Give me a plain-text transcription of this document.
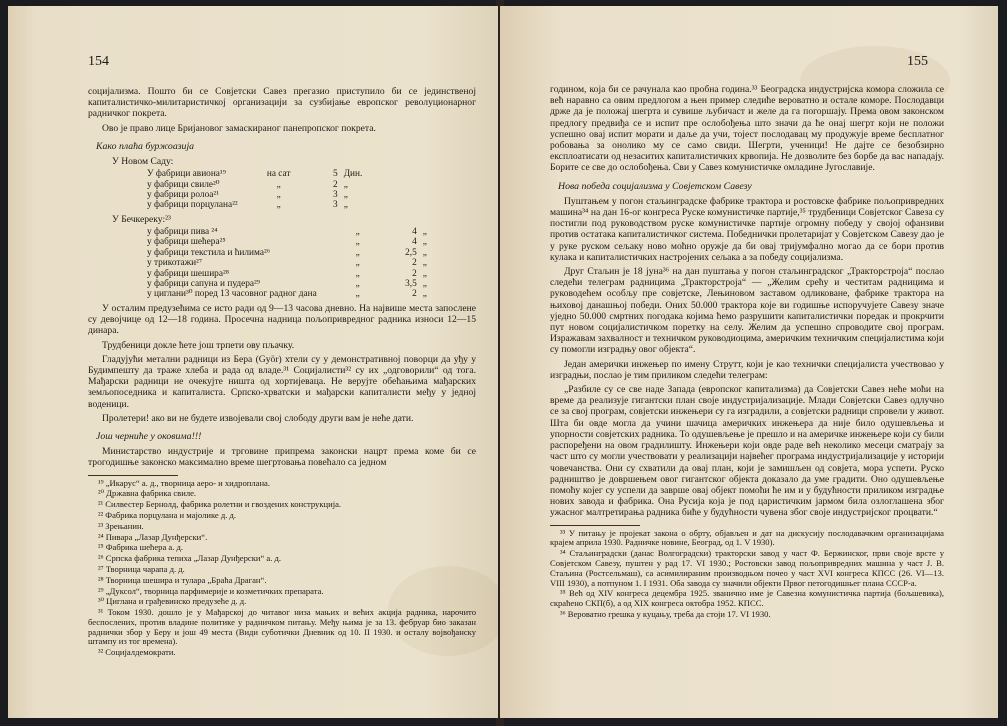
154

социјализма. Пошто би се Совјетски Савез прегазио приступило би се јединственој капиталистичко-милитаристичкој организацији за сузбијање европског револуционарног радничког покрета.

Ово је право лице Бријановог замаскираног панепропског покрета.

Како плаћа буржоазија
У Новом Саду:
У фабрици авиона¹⁹	на сат	5	Дин.
у фабрици свиле²⁰	„	2	„
у фабрици ролоа²¹	„	3	„
у фабрици порцулана²²	„	3	„
У Бечкереку:²³
у фабрици пива ²⁴	„	4	„
у фабрици шећера²⁵	„	4	„
у фабрици текстила и ћилима²⁶	„	2,5	„
у трикотажи²⁷	„	2	„
у фабрици шешира²⁸	„	2	„
у фабрици сапуна и пудера²⁹	„	3,5	„
у циглани³⁰ поред 13 часовног радног дана	„	2	„

У осталим предузећима се исто ради од 9—13 часова дневно. На највише места запослене су девојчице од 12—18 година. Просечна надница пољопривредног радника износи 12—15 динара.

Трудбеници докле ћете још трпети ову пљачку.

Гладујући метални радници из Бера (Györ) хтели су у демонстративној поворци да уђу у Будимпешту да траже хлеба и рада од владе.³¹ Социјалисти³² су их „одговорили“ од тога. Мађарски радници не очекујте ништа од хортијеваца. Не верујте обећањима мађарских земљопоседника и капиталиста. Српско-хрватски и мађарски капиталисти међу у једној воденици.

Пролетери! ако ви не будете извојевали свој слободу други вам је неће дати.

Још черниће у оковима!!!

Министарство индустрије и трговине припрема законски нацрт према коме би се трогодишње законско максимално време шегртовања повећало са једном

¹⁹ „Икарус“ а. д., творница аеро- и хидроплана.
²⁰ Државна фабрика свиле.
²¹ Силвестер Бернолд, фабрика ролетни и гвоздених конструкција.
²² Фабрика порцулана и мајолике д. д.
²³ Зрењанин.
²⁴ Пивара „Лазар Дунђерски“.
²⁵ Фабрика шећера а. д.
²⁶ Српска фабрика тепиха „Лазар Дунђерски“ а. д.
²⁷ Творница чарапа д. д.
²⁸ Творница шешира и тулара „Браћа Драган“.
²⁹ „Дуксол“, творница парфимерије и козметичких препарата.
³⁰ Циглана и грађевинско предузеће д. д.
³¹ Током 1930. дошло је у Мађарској до читавог низа мањих и већих акција радника, нарочито беспослених, против владине политике у радничком питању. Међу њима је за 13. фебруар био заказан раднички збор у Беру и још 49 места (Види суботички Дневник од 10. II 1930. и осталу војвођанску штампу из тог времена).
³² Социјалдемократи.
155

годином, која би се рачунала као пробна година.³³ Београдска индустријска комора сложила се већ наравно са овим предлогом а њен пример следиће вероватно и остале коморе. Послодавци држе да је положај шегрта и сувише љубичаст и желе да га погоршају. Према овом законском предлогу предвиђа се и испит пре ослобођења што значи да ће онај шегрт који не положи успешно овај испит морати и даље да учи, тојест послодавац му продужује време бесплатног робовања за онолико му се само свиди. Шегрти, ученици! Не дајте се безобзирно експлоатисати од незаситих капиталистичких крвопија. Не дозволите без борбе да вас нападају. Борите се све до ослобођења. Сви у Савез комунистичке омладине Југославије.

Нова победа социјализма у Совјетском Савезу

Пуштањем у погон стаљинградске фабрике трактора и ростовске фабрике пољопривредних машина³⁴ на дан 16-ог конгреса Руске комунистичке партије,³⁵ трудбеници Совјетског Савеза су постигли под руководством руске комунистичке партије огромну победу у својој офанзиви против остатака капиталистичког система. Победнички пролетаријат у Совјетском Савезу дао је у руке руском сељаку ново моћно оружје да би овај тријумфално могао да се бори против кулака и капиталистичких настројених сељака а за победу социјализма.

Друг Стаљин је 18 јуна³⁶ на дан пуштања у погон стаљинградског „Тракторстроја“ послао следећи телеграм радницима „Тракторстроја“ — „Желим срећу и честитам радницима и руководећем особљу пре совјетске, Лењиновом заставом одликоване, фабрике трактора на њиховој данашњој победи. Оних 50.000 трактора које ви годишње испоручујете Савезу значе уједно 50.000 смртних погодака којима ћемо разрушити капиталистички поредак и прокрчити пут новом социјалистичком поретку на селу. Желим да успешно спроводите свој програм. Изражавам захвалност и техничком руководиоцима, америчким техничким специјалистима који су помогли изградњу овог објекта“.

Један амерички инжењер по имену Струтт, који је као технички специјалиста учествовао у изградњи, послао је тим приликом следећи телеграм:

„Разбиле су се све наде Запада (европског капитализма) да Совјетски Савез неће моћи на време да реализује гигантски план своје индустријализације. Млади Совјетски Савез одлучно се за свој програм, совјетски инжењери су га изградили, а совјетски радници спровели у живот. Шта би овде могла да учини шачица америчких инжењера да није било одушевљења и упорности совјетских радника. То одушевљење је прешло и на америчке инжењере који су били распоређени на овом градилишту. Инжењери који овде раде већ неколико месеци сматрају за част што су могли учествовати у реализацији највећег програма индустријализације у историји човечанства. Они су схватили да овај план, који је замишљен од совјета, мора успети. Руско радништво је довршењем овог гигантског објекта доказало да уме градити. Оно одушевљење помоћу којег су успели да заврше овај објект помоћи ће им и у будућности приликом изградње нових завода и фабрика. Она Русија која је под царистичким јармом била озлоглашена због ужасног малтретирања радника биће у будућности чувена због своје индустријског процвати.“

³³ У питању је пројекат закона о обрту, објављен и дат на дискусију послодавачким организацијама крајем априла 1930. Радничке новине, Београд, од 1. V 1930).
³⁴ Стаљинградски (данас Волгоградски) тракторски завод у част Ф. Бержинског, први своје врсте у Совјетском Савезу, пуштен у рад 17. VI 1930.; Ростовски завод пољопривредних машина у част Ј. В. Стаљина (Ростсельмаш), са асимилираним производњом почео у част XVI конгреса КПСС (26. VI—13. VIII 1930), а потпуном 1. I 1931. Оба завода су значили објекти Првог петогодишњег плана СССР-а.
³⁵ Већ од XIV конгреса децембра 1925. званично име је Савезна комунистичка партија (бољшевика), скраћено СКП(б), а од XIX конгреса октобра 1952. КПСС.
³⁶ Вероватно грешка у куцању, треба да стоји 17. VI 1930.
